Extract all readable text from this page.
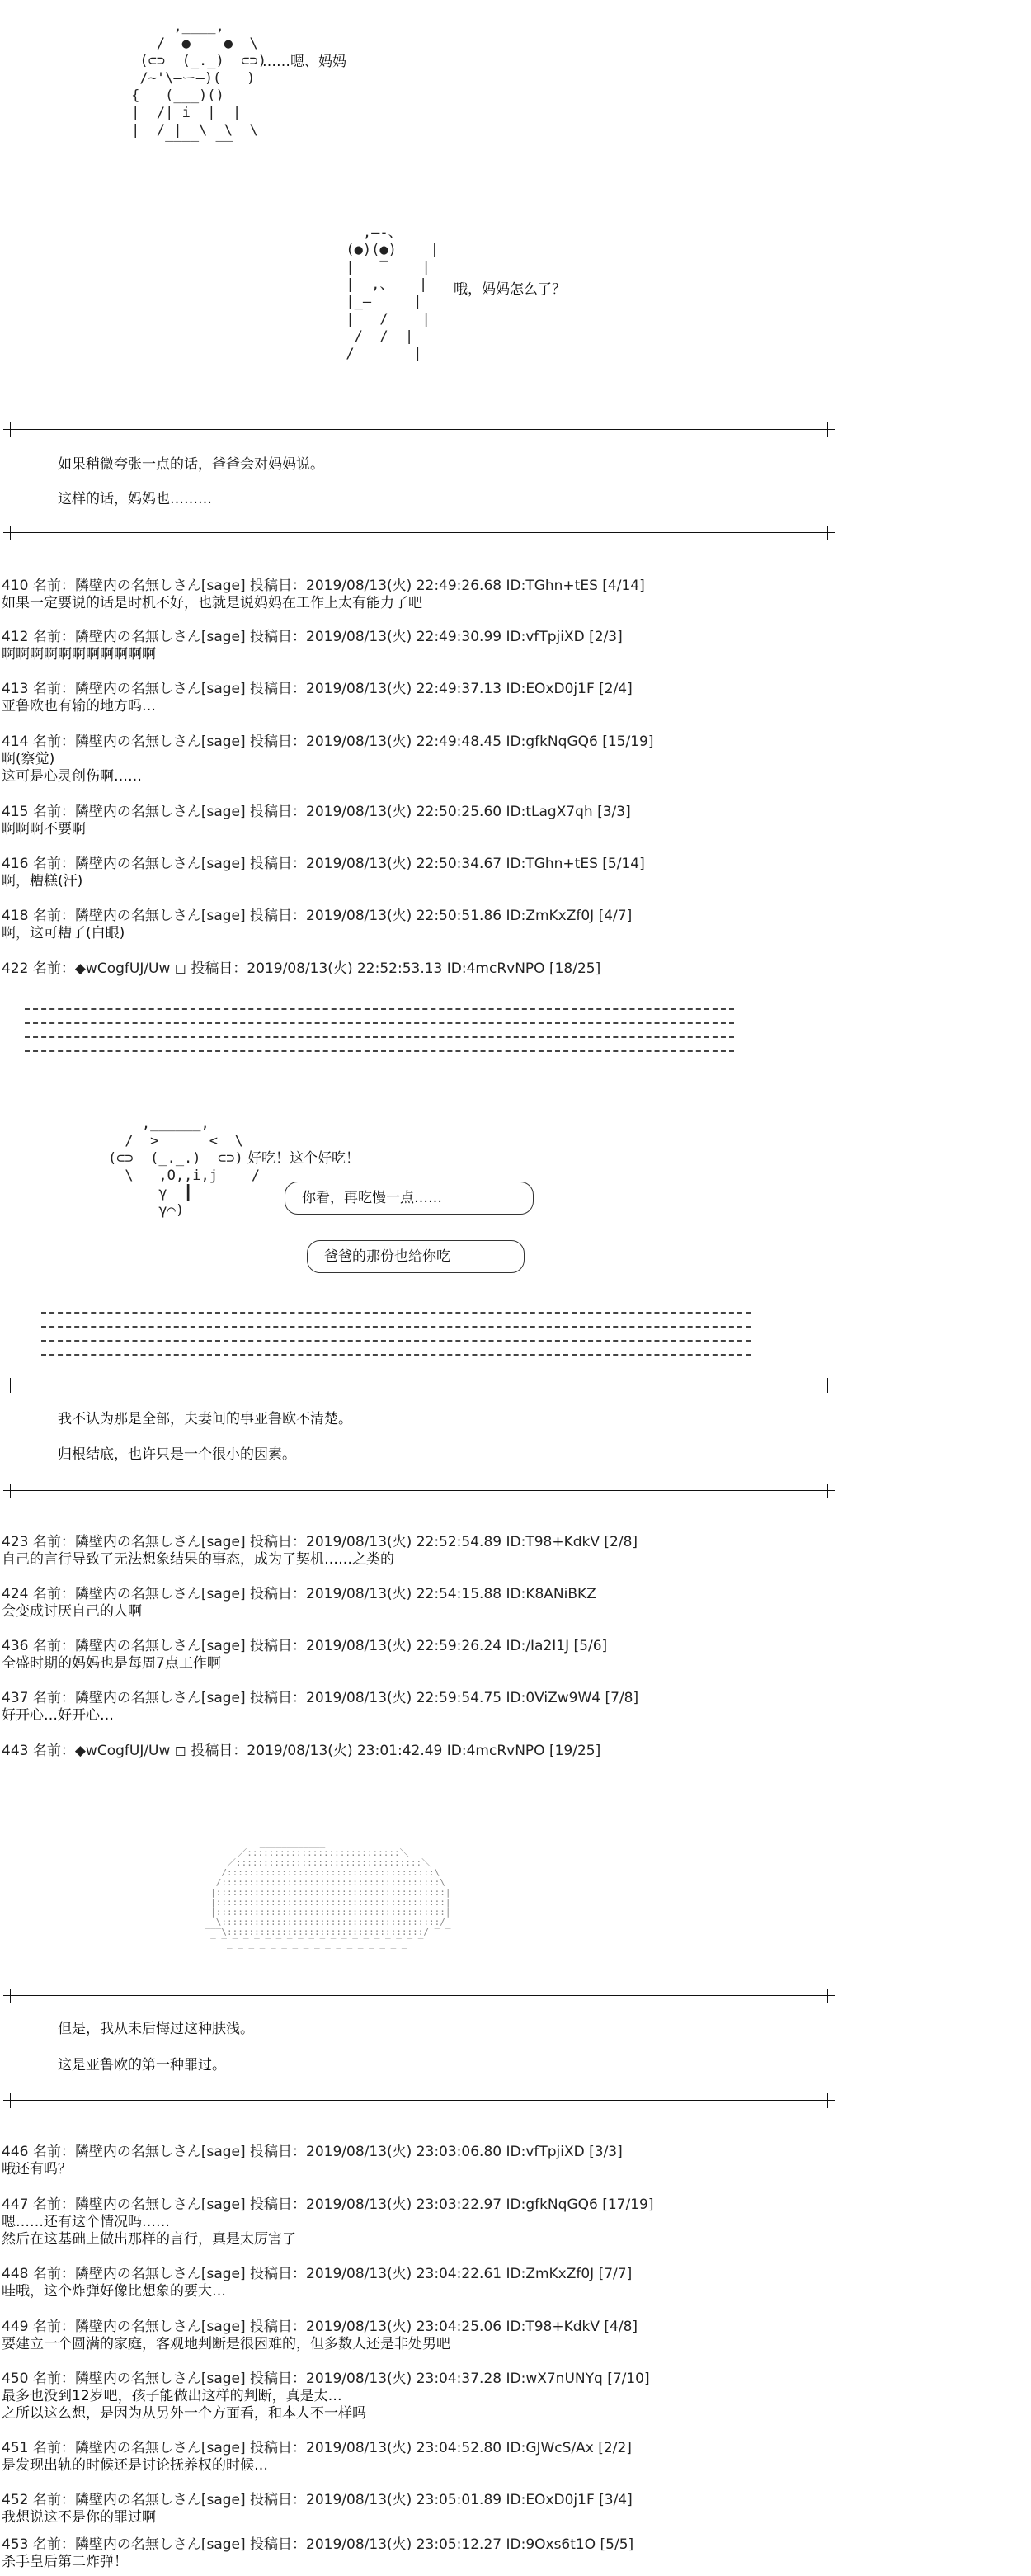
,____,
/  ●    ●  \
(⊂⊃  (_._)  ⊂⊃)
/~'\—ー—)(   )
{   (___)()
|  /| i  |  |
|  / |  \  \  \
‾‾‾‾  ‾‾
……嗯、妈妈
,—-、
(●)(●)    |
|   ‾    |
|  ,、   |
|_—     |
|   /    |
/  /  |
/       |
哦，妈妈怎么了？
如果稍微夸张一点的话，爸爸会对妈妈说。
这样的话，妈妈也………
410 名前：隣壁内の名無しさん[sage] 投稿日：2019/08/13(火) 22:49:26.68 ID:TGhn+tES [4/14]
如果一定要说的话是时机不好，也就是说妈妈在工作上太有能力了吧
412 名前：隣壁内の名無しさん[sage] 投稿日：2019/08/13(火) 22:49:30.99 ID:vfTpjiXD [2/3]
啊啊啊啊啊啊啊啊啊啊啊
413 名前：隣壁内の名無しさん[sage] 投稿日：2019/08/13(火) 22:49:37.13 ID:EOxD0j1F [2/4]
亚鲁欧也有输的地方吗…
414 名前：隣壁内の名無しさん[sage] 投稿日：2019/08/13(火) 22:49:48.45 ID:gfkNqGQ6 [15/19]
啊(察觉)
这可是心灵创伤啊……
415 名前：隣壁内の名無しさん[sage] 投稿日：2019/08/13(火) 22:50:25.60 ID:tLagX7qh [3/3]
啊啊啊不要啊
416 名前：隣壁内の名無しさん[sage] 投稿日：2019/08/13(火) 22:50:34.67 ID:TGhn+tES [5/14]
啊，糟糕(汗)
418 名前：隣壁内の名無しさん[sage] 投稿日：2019/08/13(火) 22:50:51.86 ID:ZmKxZf0J [4/7]
啊，这可糟了(白眼)
422 名前：◆wCogfUJ/Uw ◻ 投稿日：2019/08/13(火) 22:52:53.13 ID:4mcRvNPO [18/25]
,______,
/  >      <  \
(⊂⊃  (_._.)  ⊂⊃)
\   ,O,,i,j    /
γ  ┃
γ⌒)
好吃！这个好吃！
你看，再吃慢一点……
爸爸的那份也给你吃
我不认为那是全部，夫妻间的事亚鲁欧不清楚。
归根结底，也许只是一个很小的因素。
423 名前：隣壁内の名無しさん[sage] 投稿日：2019/08/13(火) 22:52:54.89 ID:T98+KdkV [2/8]
自己的言行导致了无法想象结果的事态，成为了契机……之类的
424 名前：隣壁内の名無しさん[sage] 投稿日：2019/08/13(火) 22:54:15.88 ID:K8ANiBKZ
会变成讨厌自己的人啊
436 名前：隣壁内の名無しさん[sage] 投稿日：2019/08/13(火) 22:59:26.24 ID:/Ia2I1J [5/6]
全盛时期的妈妈也是每周7点工作啊
437 名前：隣壁内の名無しさん[sage] 投稿日：2019/08/13(火) 22:59:54.75 ID:0ViZw9W4 [7/8]
好开心…好开心…
443 名前：◆wCogfUJ/Uw ◻ 投稿日：2019/08/13(火) 23:01:42.49 ID:4mcRvNPO [19/25]
____________
／::::::::::::::::::::::::::::＼
／::::::::::::::::::::::::::::::::::＼
/::::::::::::::::::::::::::::::::::::::\
/::::::::::::::::::::::::::::::::::::::::\
|::::::::::::::::::::::::::::::::::::::::::|
|::::::::::::::::::::::::::::::::::::::::::|
|::::::::::::::::::::::::::::::::::::::::::|
\::::::::::::::::::::::::::::::::::::::::/
‾‾‾\::::::::::::::::::::::::::::::::::::/ ‾ ‾
‾ ‾ ‾ ‾ ‾ ‾ ‾ ‾ ‾ ‾ ‾ ‾ ‾ ‾ ‾ ‾ ‾ ‾ ‾ ‾
‾ ‾ ‾ ‾ ‾ ‾ ‾ ‾ ‾ ‾ ‾ ‾ ‾ ‾ ‾ ‾ ‾
但是，我从未后悔过这种肤浅。
这是亚鲁欧的第一种罪过。
446 名前：隣壁内の名無しさん[sage] 投稿日：2019/08/13(火) 23:03:06.80 ID:vfTpjiXD [3/3]
哦还有吗？
447 名前：隣壁内の名無しさん[sage] 投稿日：2019/08/13(火) 23:03:22.97 ID:gfkNqGQ6 [17/19]
嗯……还有这个情况吗……
然后在这基础上做出那样的言行，真是太厉害了
448 名前：隣壁内の名無しさん[sage] 投稿日：2019/08/13(火) 23:04:22.61 ID:ZmKxZf0J [7/7]
哇哦，这个炸弹好像比想象的要大…
449 名前：隣壁内の名無しさん[sage] 投稿日：2019/08/13(火) 23:04:25.06 ID:T98+KdkV [4/8]
要建立一个圆满的家庭，客观地判断是很困难的，但多数人还是非处男吧
450 名前：隣壁内の名無しさん[sage] 投稿日：2019/08/13(火) 23:04:37.28 ID:wX7nUNYq [7/10]
最多也没到12岁吧，孩子能做出这样的判断，真是太…
之所以这么想，是因为从另外一个方面看，和本人不一样吗
451 名前：隣壁内の名無しさん[sage] 投稿日：2019/08/13(火) 23:04:52.80 ID:GJWcS/Ax [2/2]
是发现出轨的时候还是讨论抚养权的时候…
452 名前：隣壁内の名無しさん[sage] 投稿日：2019/08/13(火) 23:05:01.89 ID:EOxD0j1F [3/4]
我想说这不是你的罪过啊
453 名前：隣壁内の名無しさん[sage] 投稿日：2019/08/13(火) 23:05:12.27 ID:9Oxs6t1O [5/5]
杀手皇后第二炸弹！
